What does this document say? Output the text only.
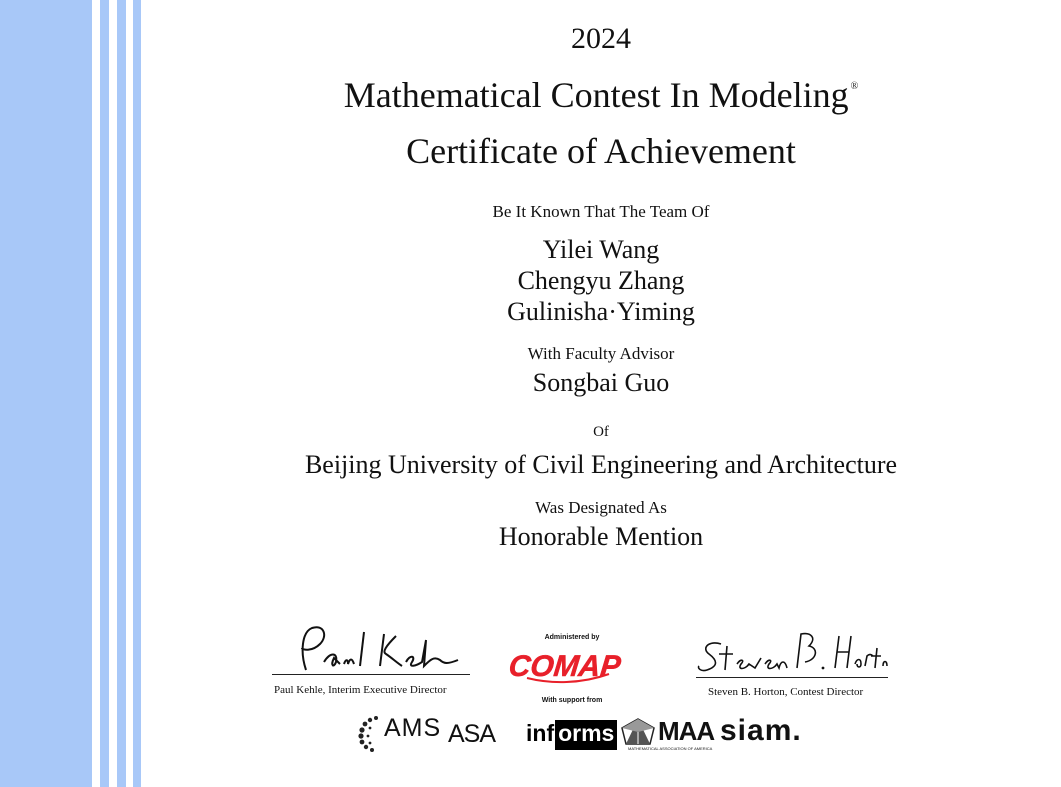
2024
Mathematical Contest In Modeling ®
Certificate of Achievement
Be It Known That The Team Of
Yilei Wang
Chengyu Zhang
Gulinisha·Yiming
With Faculty Advisor
Songbai Guo
Of
Beijing University of Civil Engineering and Architecture
Was Designated As
Honorable Mention
Paul Kehle, Interim Executive Director	Steven B. Horton, Contest Director
Administered by
COMAP
With support from
AMS ASA inf orms MAA
MATHEMATICAL ASSOCIATION OF AMERICA
siam.
